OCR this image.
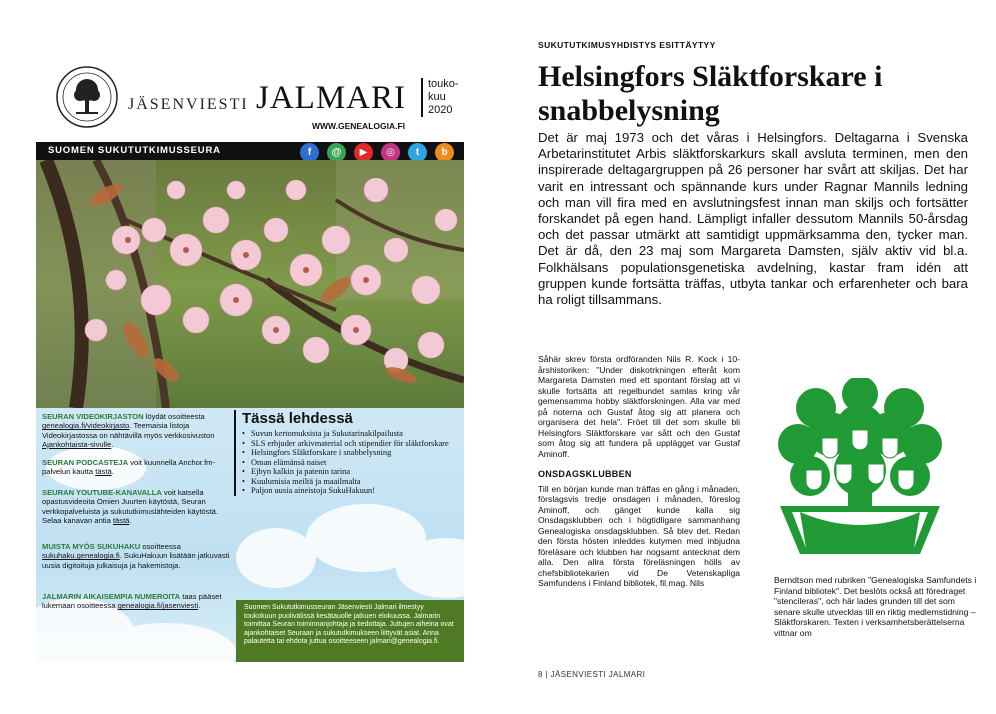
JÄSENVIESTI JALMARI
WWW.GENEALOGIA.FI
touko-
kuu
2020
SUOMEN SUKUTUTKIMUSSEURA	f	@	▶	◎	t	b
SEURAN VIDEOKIRJASTON löydät osoitteesta genealogia.fi/videokirjasto. Teemaisia listoja Videokirjastossa on nähtävillä myös verkkosivuston Ajankohtaista-sivulle.
SEURAN PODCASTEJA voit kuunnella Anchor.fm-palvelun kautta tästä.
SEURAN YOUTUBE-KANAVALLA voit katsella opastusvideoita Omien Juurten käytöstä, Seuran verkkopalveluista ja sukututkimuslähteiden käytöstä. Selaa kanavan antia tästä.
MUISTA MYÖS SUKUHAKU osoitteessa sukuhaku.genealogia.fi. SukuHakuun lisätään jatkuvasti uusia digitoituja julkaisuja ja hakemistoja.
JALMARIN AIKAISEMPIA NUMEROITA taas pääset lukemaan osoitteessa genealogia.fi/jasenviesti.
Tässä lehdessä
• Suvun kertomuksista ja Sukutarinakilpailusta
• SLS erbjuder arkivmaterial och stipendier för släktforskare
• Helsingfors Släktforskare i snabbelysning
• Oman elämänsä naiset
• Ejbyn kalkin ja patenin tarina
• Kuulumisia meiltä ja maailmalta
• Paljon uusia aineistoja SukuHakuun!
Suomen Sukututkimusseuran Jäsenviesti Jalmari ilmestyy toukokuun puolivälissä kesätauolle jatkuen elokuussa. Jalmarin toimittaa Seuran toiminnanjohtaja ja tiedottaja. Juttujen aiheina ovat ajankohtaiset Seuraan ja sukututkimukseen liittyvät asiat. Anna palautetta tai ehdota juttua osoitteeseen jalmari@genealogia.fi.
SUKUTUTKIMUSYHDISTYS ESITTÄYTYY
Helsingfors Släktforskare i snabbelysning

Det är maj 1973 och det våras i Helsingfors. Deltagarna i Svenska Arbetarinstitutet Arbis släktforskarkurs skall avsluta terminen, men den inspirerade deltagargruppen på 26 personer har svårt att skiljas. Det har varit en intressant och spännande kurs under Ragnar Mannils ledning och man vill fira med en avslutningsfest innan man skiljs och fortsätter forskandet på egen hand. Lämpligt infaller dessutom Mannils 50-årsdag och det passar utmärkt att samtidigt uppmärksamma den, tycker man. Det är då, den 23 maj som Margareta Damsten, själv aktiv vid bl.a. Folkhälsans populationsgenetiska avdelning, kastar fram idén att gruppen kunde fortsätta träffas, utbyta tankar och erfarenheter och bara ha roligt tillsammans.

Såhär skrev första ordföranden Nils R. Kock i 10-årshistoriken: "Under diskotrkningen efteråt kom Margareta Damsten med ett spontant förslag att vi skulle fortsätta att regelbundet samlas kring vår gemensamma hobby släktforskningen. Alla var med på noterna och Gustaf åtog sig att planera och organisera det hela". Fröet till det som skulle bli Helsingfors Släktforskare var sått och den Gustaf som åtog sig att fundera på upplägget var Gustaf Aminoff.

ONSDAGSKLUBBEN

Till en början kunde man träffas en gång i månaden, förslagsvis tredje onsdagen i månaden, föreslog Aminoff, och gänget kunde kalla sig Onsdagsklubben och i högtidligare sammanhang Genealogiska onsdagsklubben. Så blev det. Redan den första hösten inleddes kutymen med inbjudna föreläsare och klubben har nogsamt antecknat dem alla. Den allra första föreläsningen hölls av chefsbibliotekarien vid De Vetenskapliga Samfundens i Finland bibliotek, fil.mag. Nils	Berndtson med rubriken "Genealogiska Samfundets i Finland bibliotek". Det beslöts också att föredraget "stencileras", och här lades grunden till det som senare skulle utvecklas till en riktig medlemstidning – Släktforskaren. Texten i verksamhetsberättelserna vittnar om

8 | JÄSENVIESTI JALMARI
